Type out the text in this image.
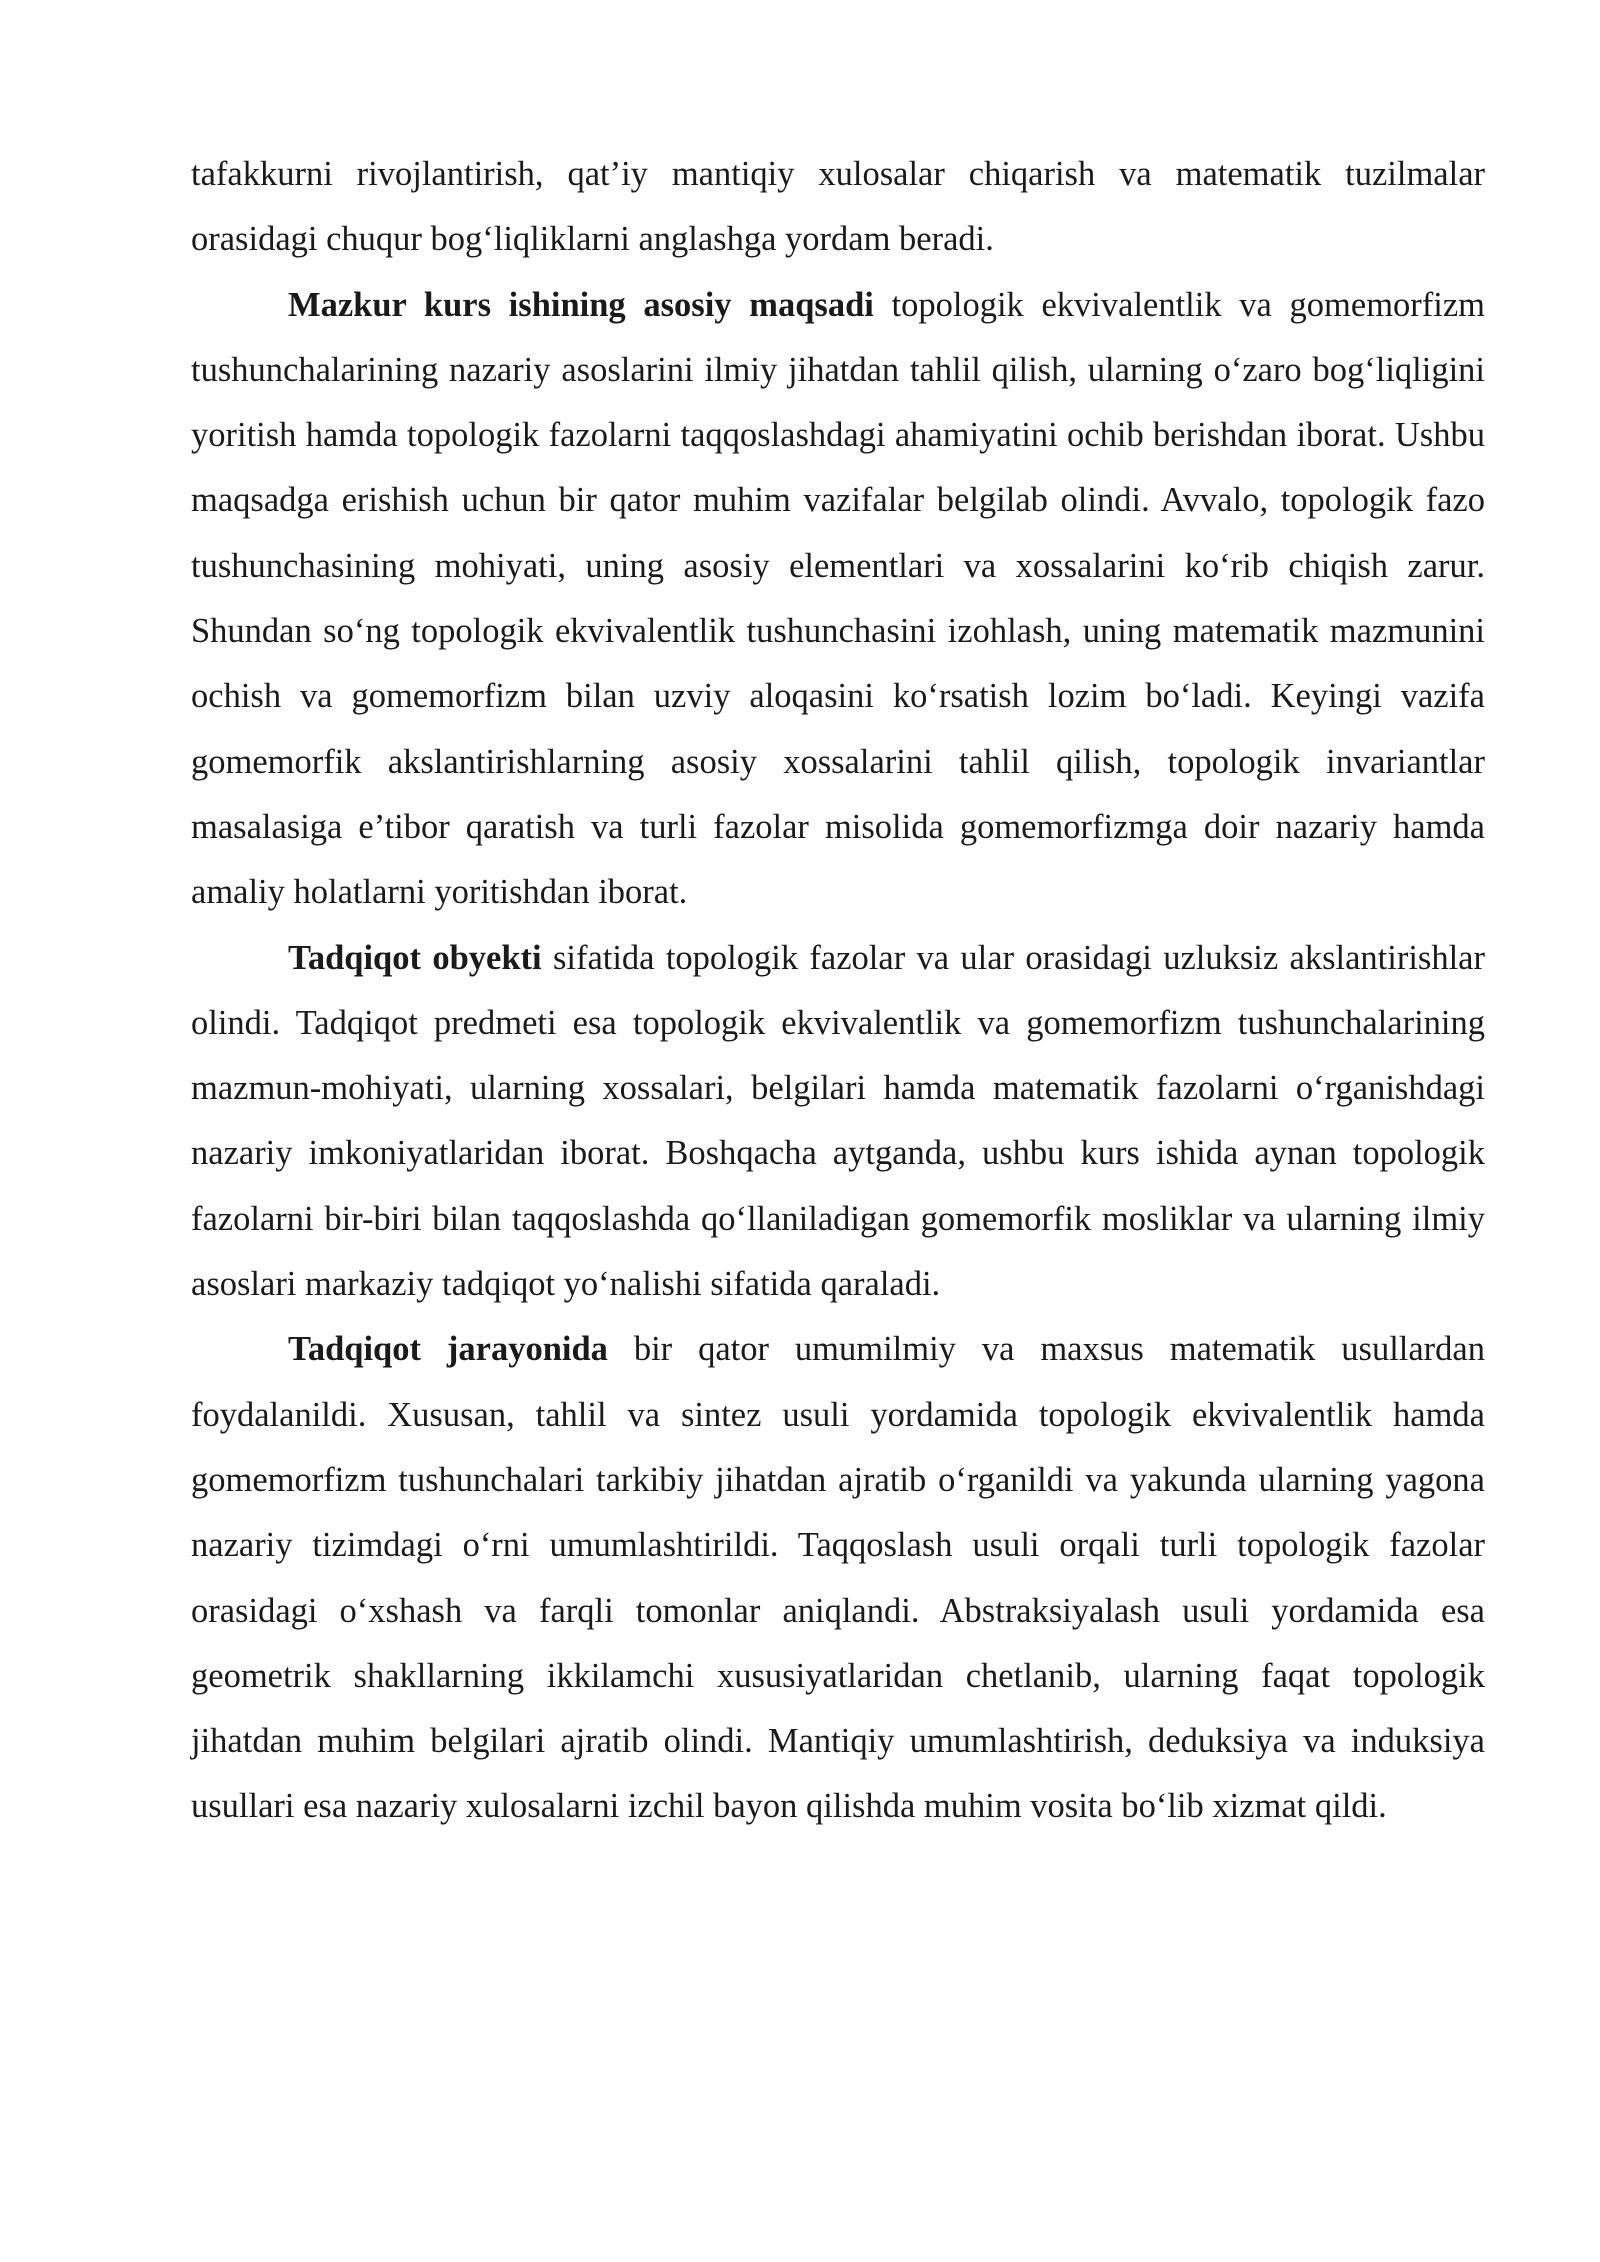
tafakkurni rivojlantirish, qat’iy mantiqiy xulosalar chiqarish va matematik tuzilmalar orasidagi chuqur bog‘liqliklarni anglashga yordam beradi.

Mazkur kurs ishining asosiy maqsadi topologik ekvivalentlik va gomemorfizm tushunchalarining nazariy asoslarini ilmiy jihatdan tahlil qilish, ularning o‘zaro bog‘liqligini yoritish hamda topologik fazolarni taqqoslashdagi ahamiyatini ochib berishdan iborat. Ushbu maqsadga erishish uchun bir qator muhim vazifalar belgilab olindi. Avvalo, topologik fazo tushunchasining mohiyati, uning asosiy elementlari va xossalarini ko‘rib chiqish zarur. Shundan so‘ng topologik ekvivalentlik tushunchasini izohlash, uning matematik mazmunini ochish va gomemorfizm bilan uzviy aloqasini ko‘rsatish lozim bo‘ladi. Keyingi vazifa gomemorfik akslantirishlarning asosiy xossalarini tahlil qilish, topologik invariantlar masalasiga e’tibor qaratish va turli fazolar misolida gomemorfizmga doir nazariy hamda amaliy holatlarni yoritishdan iborat.

Tadqiqot obyekti sifatida topologik fazolar va ular orasidagi uzluksiz akslantirishlar olindi. Tadqiqot predmeti esa topologik ekvivalentlik va gomemorfizm tushunchalarining mazmun-mohiyati, ularning xossalari, belgilari hamda matematik fazolarni o‘rganishdagi nazariy imkoniyatlaridan iborat. Boshqacha aytganda, ushbu kurs ishida aynan topologik fazolarni bir-biri bilan taqqoslashda qo‘llaniladigan gomemorfik mosliklar va ularning ilmiy asoslari markaziy tadqiqot yo‘nalishi sifatida qaraladi.

Tadqiqot jarayonida bir qator umumilmiy va maxsus matematik usullardan foydalanildi. Xususan, tahlil va sintez usuli yordamida topologik ekvivalentlik hamda gomemorfizm tushunchalari tarkibiy jihatdan ajratib o‘rganildi va yakunda ularning yagona nazariy tizimdagi o‘rni umumlashtirildi. Taqqoslash usuli orqali turli topologik fazolar orasidagi o‘xshash va farqli tomonlar aniqlandi. Abstraksiyalash usuli yordamida esa geometrik shakllarning ikkilamchi xususiyatlaridan chetlanib, ularning faqat topologik jihatdan muhim belgilari ajratib olindi. Mantiqiy umumlashtirish, deduksiya va induksiya usullari esa nazariy xulosalarni izchil bayon qilishda muhim vosita bo‘lib xizmat qildi.
